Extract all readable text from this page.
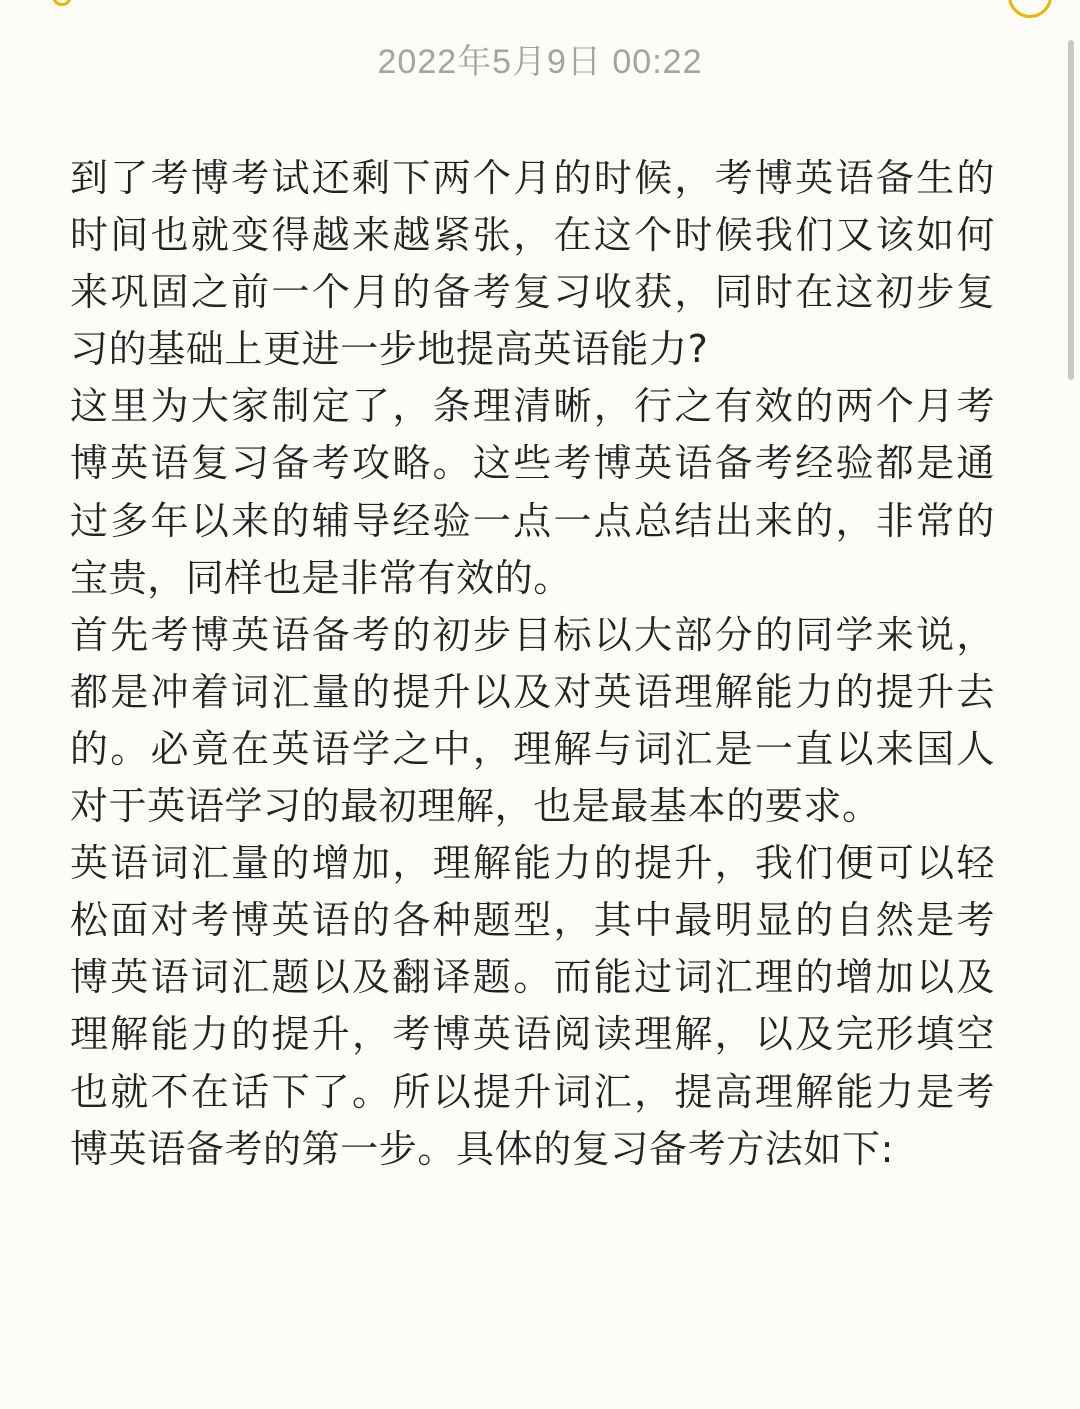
2022年5月9日 00:22

到了考博考试还剩下两个月的时候，考博英语备生的时间也就变得越来越紧张，在这个时候我们又该如何来巩固之前一个月的备考复习收获，同时在这初步复习的基础上更进一步地提高英语能力?

这里为大家制定了，条理清晰，行之有效的两个月考博英语复习备考攻略。这些考博英语备考经验都是通过多年以来的辅导经验一点一点总结出来的，非常的宝贵，同样也是非常有效的。

首先考博英语备考的初步目标以大部分的同学来说，都是冲着词汇量的提升以及对英语理解能力的提升去的。必竟在英语学之中，理解与词汇是一直以来国人对于英语学习的最初理解，也是最基本的要求。

英语词汇量的增加，理解能力的提升，我们便可以轻松面对考博英语的各种题型，其中最明显的自然是考博英语词汇题以及翻译题。而能过词汇理的增加以及理解能力的提升，考博英语阅读理解，以及完形填空也就不在话下了。所以提升词汇，提高理解能力是考博英语备考的第一步。具体的复习备考方法如下:
